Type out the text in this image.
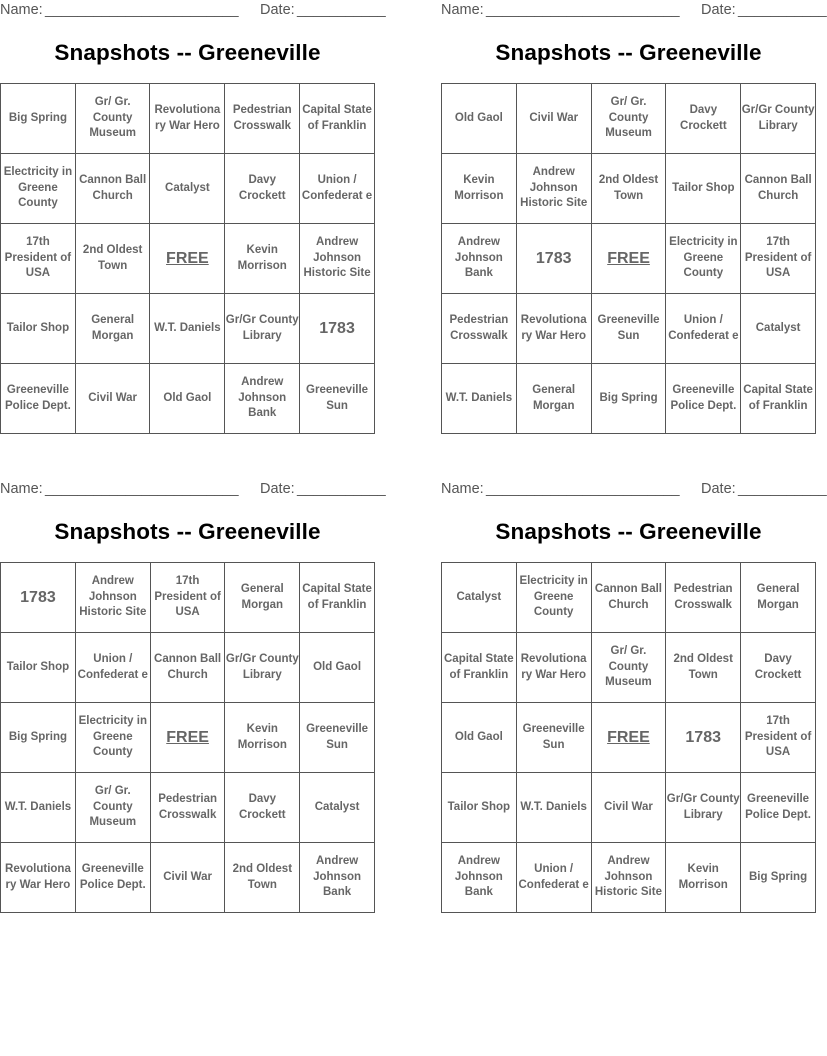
Name: ________________________ Date: ___________
Snapshots -- Greeneville
Big Spring	Gr/ Gr. County Museum	Revolutiona ry War Hero	Pedestrian Crosswalk	Capital State of Franklin
Electricity in Greene County	Cannon Ball Church	Catalyst	Davy Crockett	Union / Confederat e
17th President of USA	2nd Oldest Town	FREE	Kevin Morrison	Andrew Johnson Historic Site
Tailor Shop	General Morgan	W.T. Daniels	Gr/Gr County Library	1783
Greeneville Police Dept.	Civil War	Old Gaol	Andrew Johnson Bank	Greeneville Sun
Name: ________________________ Date: ___________
Snapshots -- Greeneville
Old Gaol	Civil War	Gr/ Gr. County Museum	Davy Crockett	Gr/Gr County Library
Kevin Morrison	Andrew Johnson Historic Site	2nd Oldest Town	Tailor Shop	Cannon Ball Church
Andrew Johnson Bank	1783	FREE	Electricity in Greene County	17th President of USA
Pedestrian Crosswalk	Revolutiona ry War Hero	Greeneville Sun	Union / Confederat e	Catalyst
W.T. Daniels	General Morgan	Big Spring	Greeneville Police Dept.	Capital State of Franklin
Name: ________________________ Date: ___________
Snapshots -- Greeneville
1783	Andrew Johnson Historic Site	17th President of USA	General Morgan	Capital State of Franklin
Tailor Shop	Union / Confederat e	Cannon Ball Church	Gr/Gr County Library	Old Gaol
Big Spring	Electricity in Greene County	FREE	Kevin Morrison	Greeneville Sun
W.T. Daniels	Gr/ Gr. County Museum	Pedestrian Crosswalk	Davy Crockett	Catalyst
Revolutiona ry War Hero	Greeneville Police Dept.	Civil War	2nd Oldest Town	Andrew Johnson Bank
Name: ________________________ Date: ___________
Snapshots -- Greeneville
Catalyst	Electricity in Greene County	Cannon Ball Church	Pedestrian Crosswalk	General Morgan
Capital State of Franklin	Revolutiona ry War Hero	Gr/ Gr. County Museum	2nd Oldest Town	Davy Crockett
Old Gaol	Greeneville Sun	FREE	1783	17th President of USA
Tailor Shop	W.T. Daniels	Civil War	Gr/Gr County Library	Greeneville Police Dept.
Andrew Johnson Bank	Union / Confederat e	Andrew Johnson Historic Site	Kevin Morrison	Big Spring
